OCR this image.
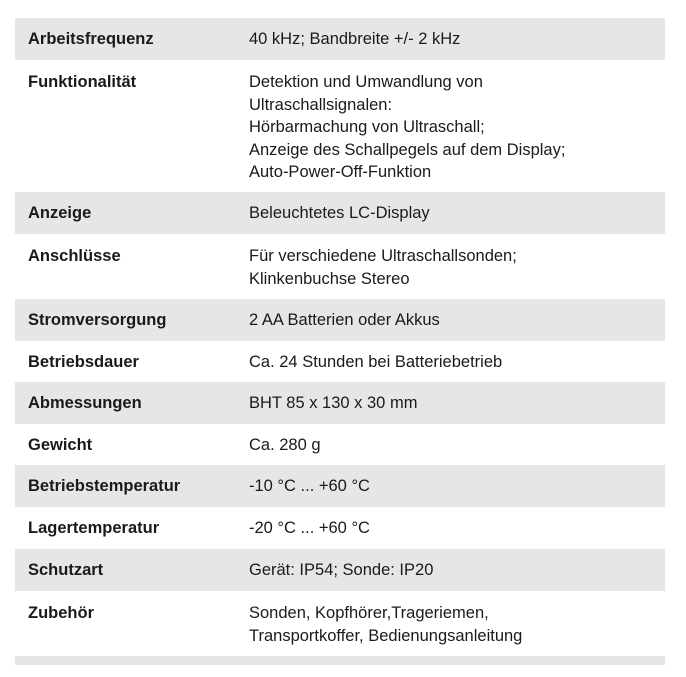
Arbeitsfrequenz	40 kHz; Bandbreite +/- 2 kHz
Funktionalität	Detektion und Umwandlung von
Ultraschallsignalen:
Hörbarmachung von Ultraschall;
Anzeige des Schallpegels auf dem Display;
Auto-Power-Off-Funktion
Anzeige	Beleuchtetes LC-Display
Anschlüsse	Für verschiedene Ultraschallsonden;
Klinkenbuchse Stereo
Stromversorgung	2 AA Batterien oder Akkus
Betriebsdauer	Ca. 24 Stunden bei Batteriebetrieb
Abmessungen	BHT 85 x 130 x 30 mm
Gewicht	Ca. 280 g
Betriebstemperatur	-10 °C ... +60 °C
Lagertemperatur	-20 °C ... +60 °C
Schutzart	Gerät: IP54; Sonde: IP20
Zubehör	Sonden, Kopfhörer,Trageriemen,
Transportkoffer, Bedienungsanleitung
